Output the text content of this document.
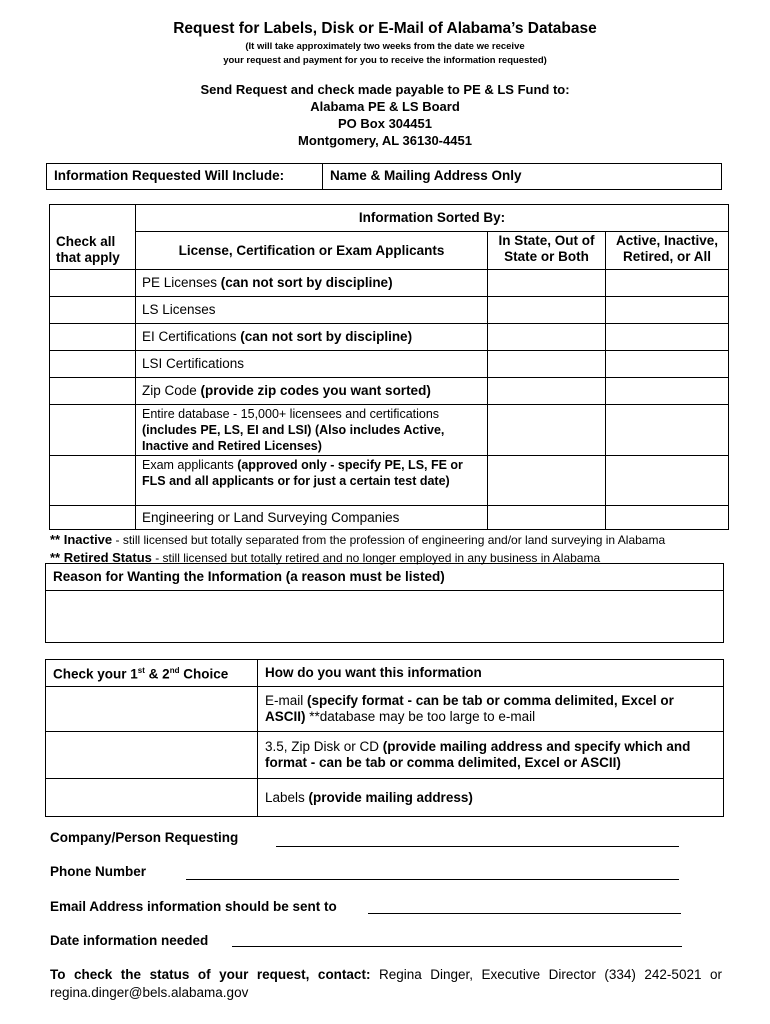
Request for Labels, Disk or E-Mail of Alabama’s Database
(It will take approximately two weeks from the date we receive
your request and payment for you to receive the information requested)
Send Request and check made payable to PE & LS Fund to:
Alabama PE & LS Board
PO Box 304451
Montgomery, AL 36130-4451
Information Requested Will Include:	Name & Mailing Address Only
Check all that apply	Information Sorted By:		
	License, Certification or Exam Applicants	In State, Out of State or Both	Active, Inactive, Retired, or All
	PE Licenses (can not sort by discipline)		
	LS Licenses		
	EI Certifications (can not sort by discipline)		
	LSI Certifications		
	Zip Code (provide zip codes you want sorted)		
	Entire database - 15,000+ licensees and certifications (includes PE, LS, EI and LSI) (Also includes Active, Inactive and Retired Licenses)		
	Exam applicants (approved only - specify PE, LS, FE or FLS and all applicants or for just a certain test date)		
	Engineering or Land Surveying Companies		
** Inactive - still licensed but totally separated from the profession of engineering and/or land surveying in Alabama
** Retired Status - still licensed but totally retired and no longer employed in any business in Alabama
Reason for Wanting the Information (a reason must be listed)
Check your 1st & 2nd Choice	How do you want this information
	E-mail (specify format - can be tab or comma delimited, Excel or ASCII) **database may be too large to e-mail
	3.5, Zip Disk or CD (provide mailing address and specify which and format - can be tab or comma delimited, Excel or ASCII)
	Labels (provide mailing address)
Company/Person Requesting
Phone Number
Email Address information should be sent to
Date information needed
To check the status of your request, contact: Regina Dinger, Executive Director (334) 242-5021 or
regina.dinger@bels.alabama.gov
